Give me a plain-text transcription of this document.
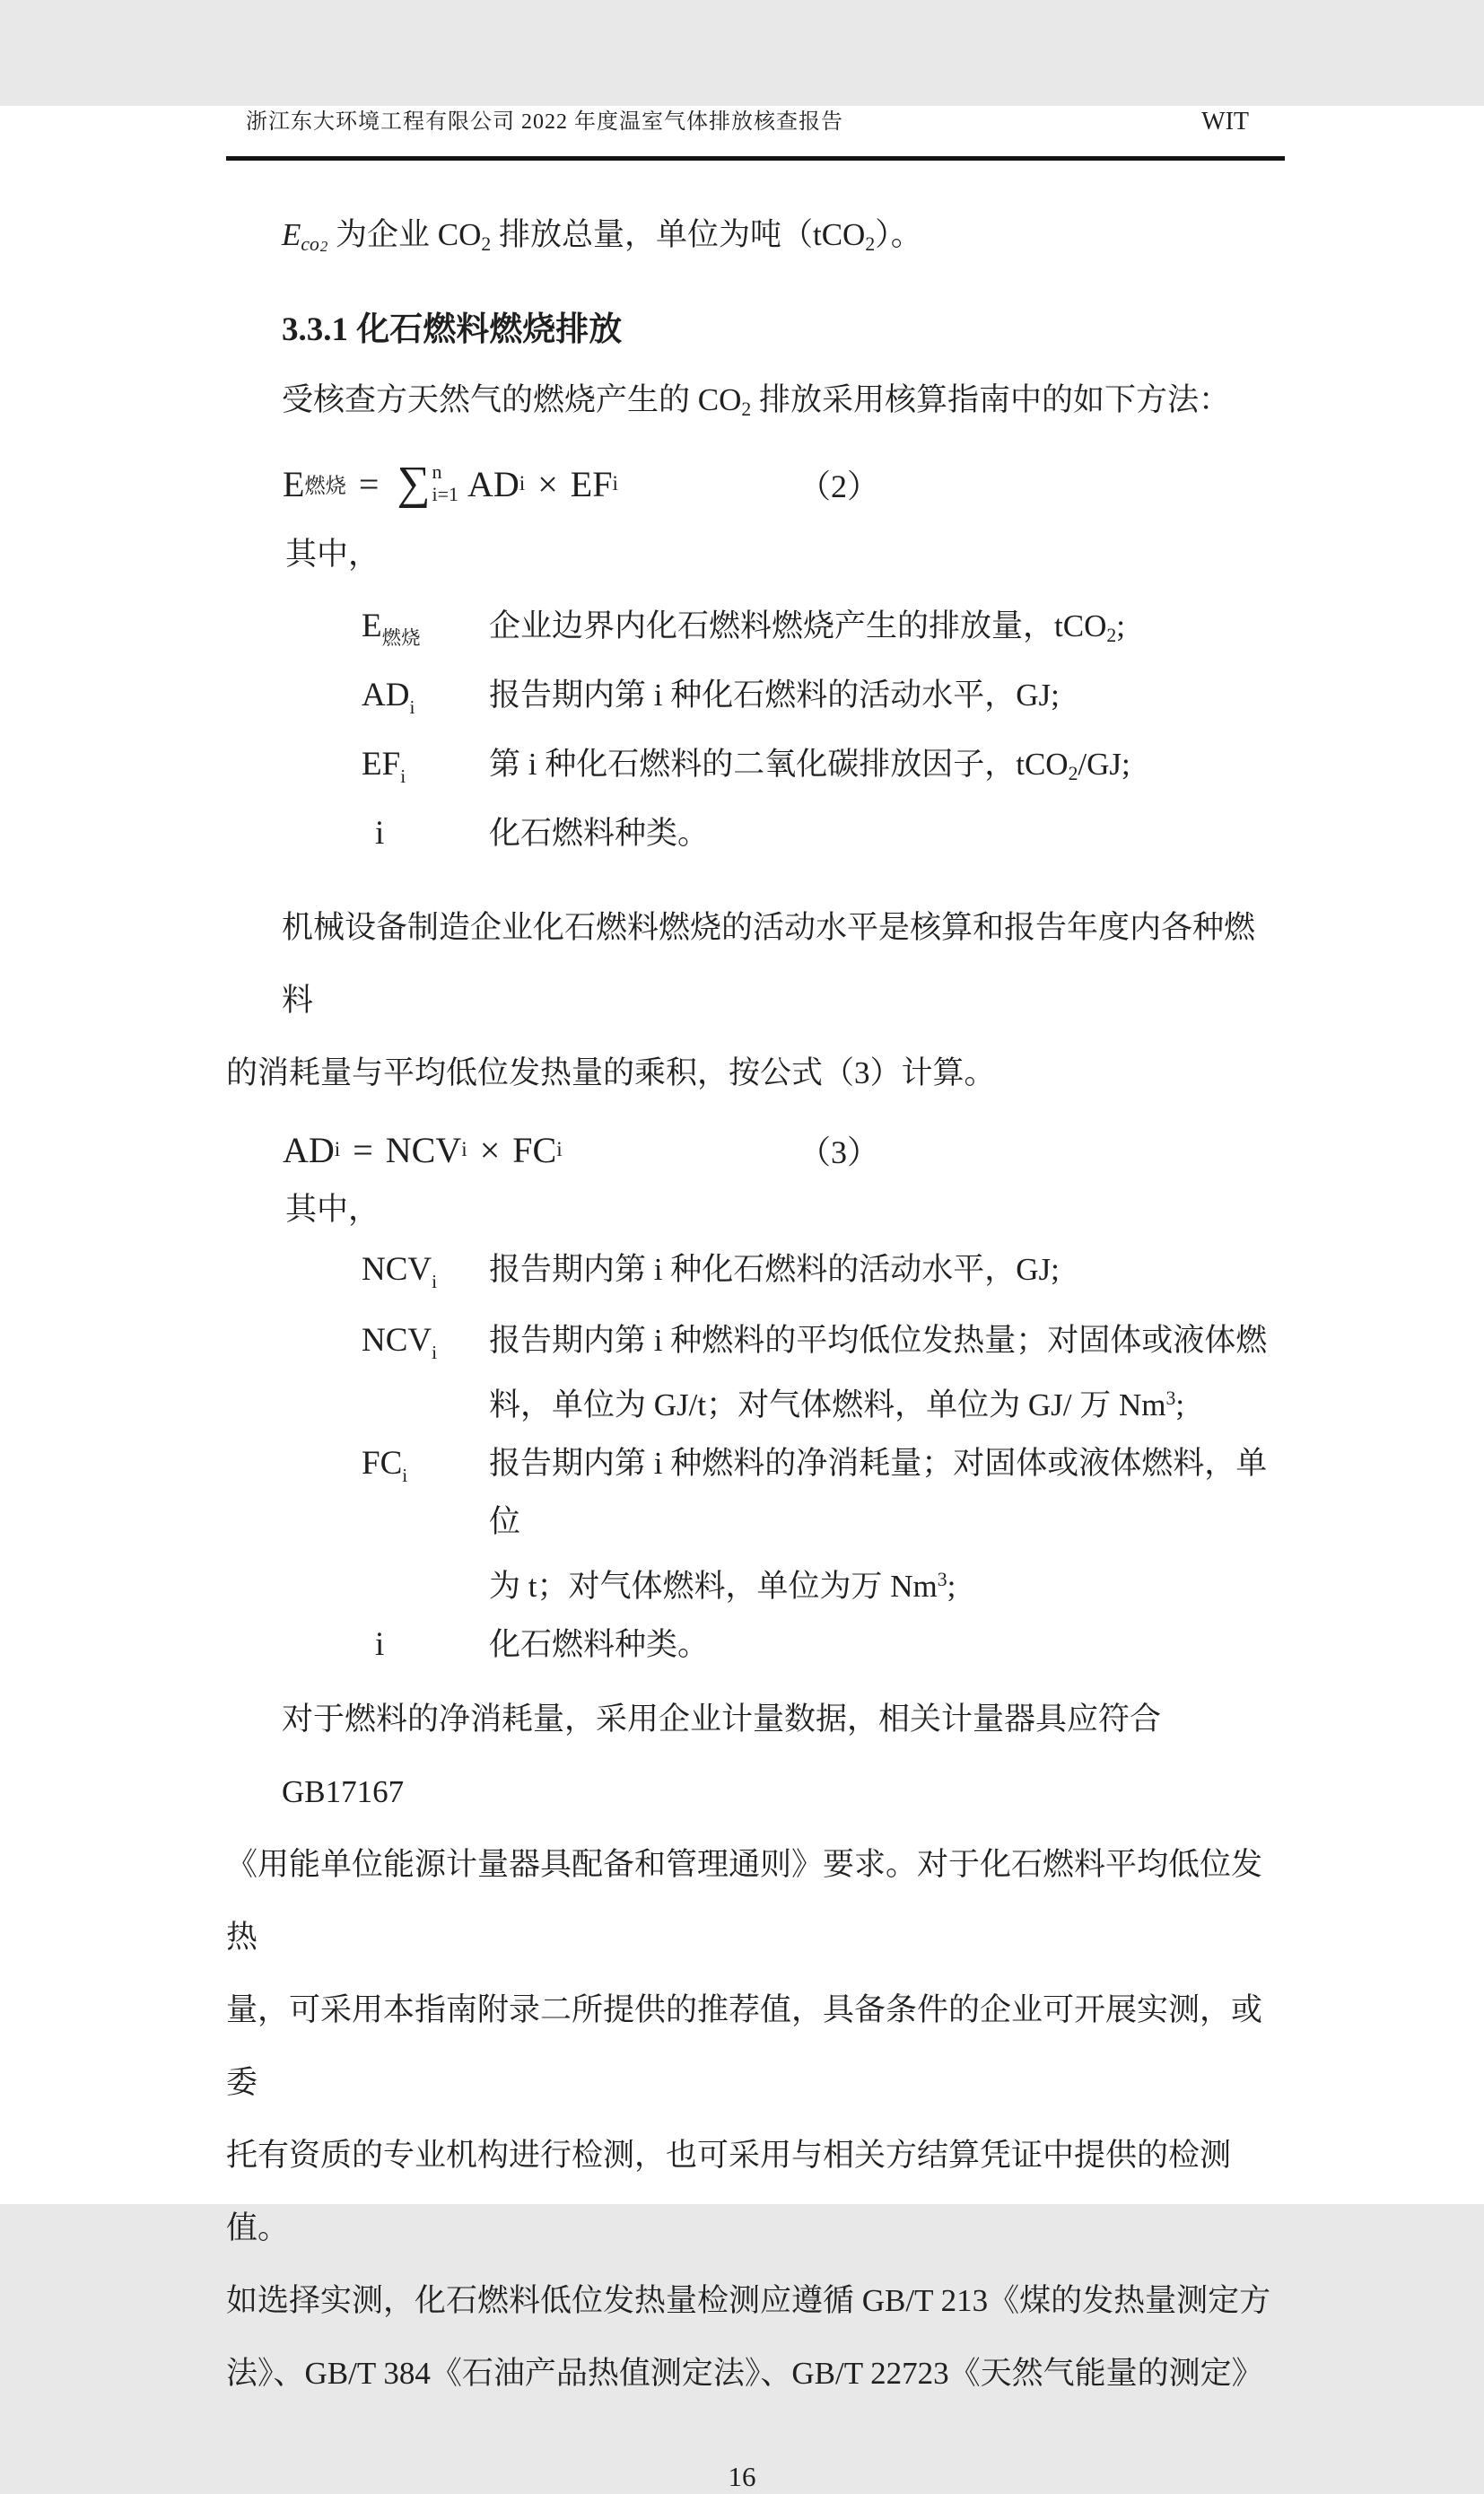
浙江东大环境工程有限公司 2022 年度温室气体排放核查报告	WIT
$E_{co2}$ 为企业 $CO_2$ 排放总量，单位为吨（tCO$_2$）。
3.3.1 化石燃料燃烧排放
受核查方天然气的燃烧产生的 $CO_2$ 排放采用核算指南中的如下方法：
E 燃烧 = ∑ n
i=1 AD i × EF i	（2）
其中，
$E_{燃烧}$	企业边界内化石燃料燃烧产生的排放量，tCO$_2$;
$AD_i$	报告期内第 i 种化石燃料的活动水平，GJ;
$EF_i$	第 i 种化石燃料的二氧化碳排放因子，tCO$_2$/GJ;
i	化石燃料种类。
机械设备制造企业化石燃料燃烧的活动水平是核算和报告年度内各种燃料
的消耗量与平均低位发热量的乘积，按公式（3）计算。
AD i = NCV i × FC i	（3）
其中，
$NCV_i$	报告期内第 i 种化石燃料的活动水平，GJ;
$NCV_i$	报告期内第 i 种燃料的平均低位发热量；对固体或液体燃
料，单位为 GJ/t；对气体燃料，单位为 GJ/ 万 Nm$^3$;
$FC_i$	报告期内第 i 种燃料的净消耗量；对固体或液体燃料，单位
为 t；对气体燃料，单位为万 Nm$^3$;
i	化石燃料种类。
对于燃料的净消耗量，采用企业计量数据，相关计量器具应符合 GB17167
《用能单位能源计量器具配备和管理通则》要求。对于化石燃料平均低位发热
量，可采用本指南附录二所提供的推荐值，具备条件的企业可开展实测，或委
托有资质的专业机构进行检测，也可采用与相关方结算凭证中提供的检测值。
如选择实测，化石燃料低位发热量检测应遵循 GB/T 213《煤的发热量测定方
法》、GB/T 384《石油产品热值测定法》、GB/T 22723《天然气能量的测定》
16
